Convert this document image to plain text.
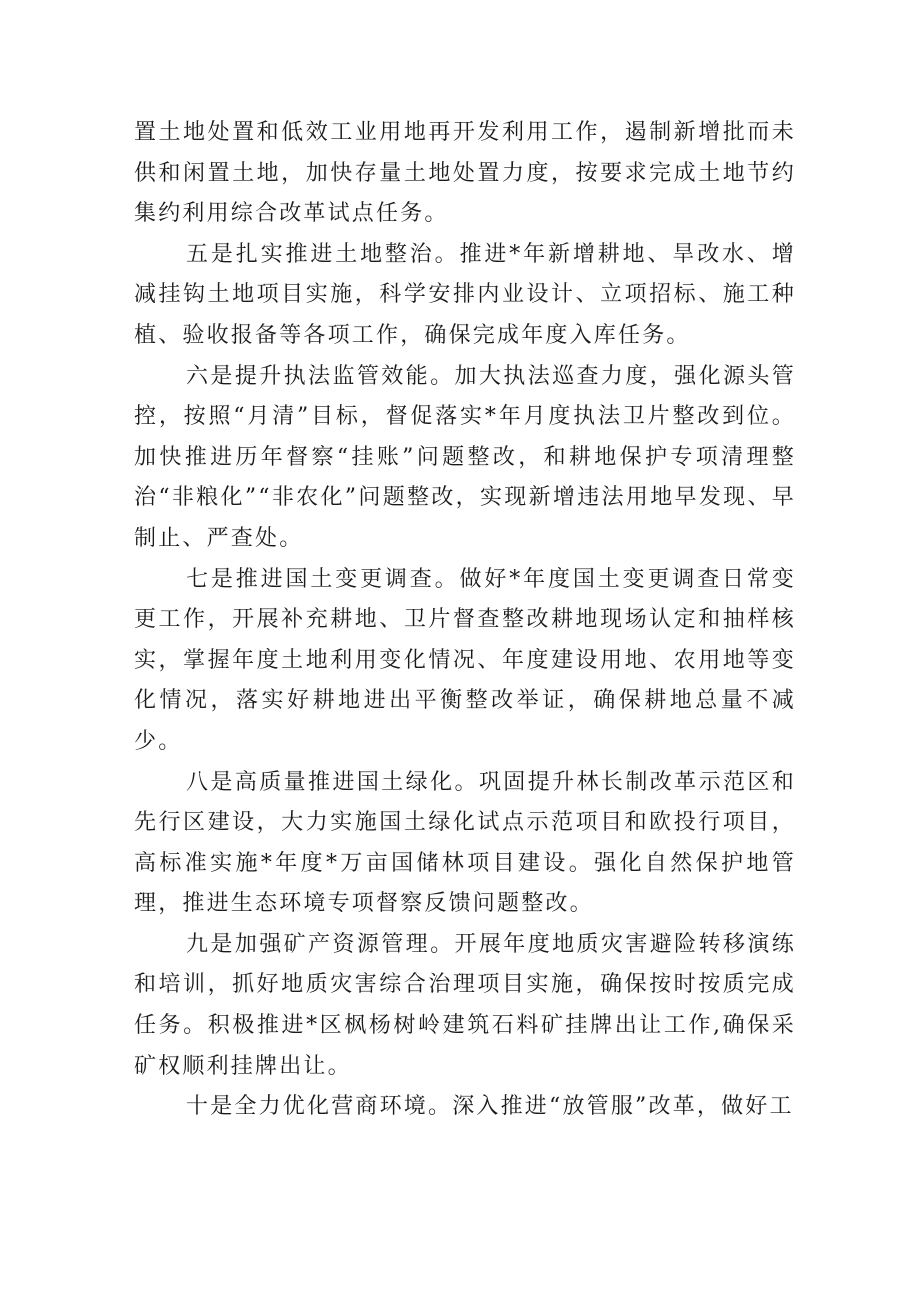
置土地处置和低效工业用地再开发利用工作，遏制新增批而未供和闲置土地，加快存量土地处置力度，按要求完成土地节约集约利用综合改革试点任务。

五是扎实推进土地整治。推进*年新增耕地、旱改水、增减挂钩土地项目实施，科学安排内业设计、立项招标、施工种植、验收报备等各项工作，确保完成年度入库任务。

六是提升执法监管效能。加大执法巡查力度，强化源头管控，按照“月清”目标，督促落实*年月度执法卫片整改到位。加快推进历年督察“挂账”问题整改，和耕地保护专项清理整治“非粮化”“非农化”问题整改，实现新增违法用地早发现、早制止、严查处。

七是推进国土变更调查。做好*年度国土变更调查日常变更工作，开展补充耕地、卫片督查整改耕地现场认定和抽样核实，掌握年度土地利用变化情况、年度建设用地、农用地等变化情况，落实好耕地进出平衡整改举证，确保耕地总量不减少。

八是高质量推进国土绿化。巩固提升林长制改革示范区和先行区建设，大力实施国土绿化试点示范项目和欧投行项目，高标准实施*年度*万亩国储林项目建设。强化自然保护地管理，推进生态环境专项督察反馈问题整改。

九是加强矿产资源管理。开展年度地质灾害避险转移演练和培训，抓好地质灾害综合治理项目实施，确保按时按质完成任务。积极推进*区枫杨树岭建筑石料矿挂牌出让工作,确保采矿权顺利挂牌出让。

十是全力优化营商环境。深入推进“放管服”改革，做好工
